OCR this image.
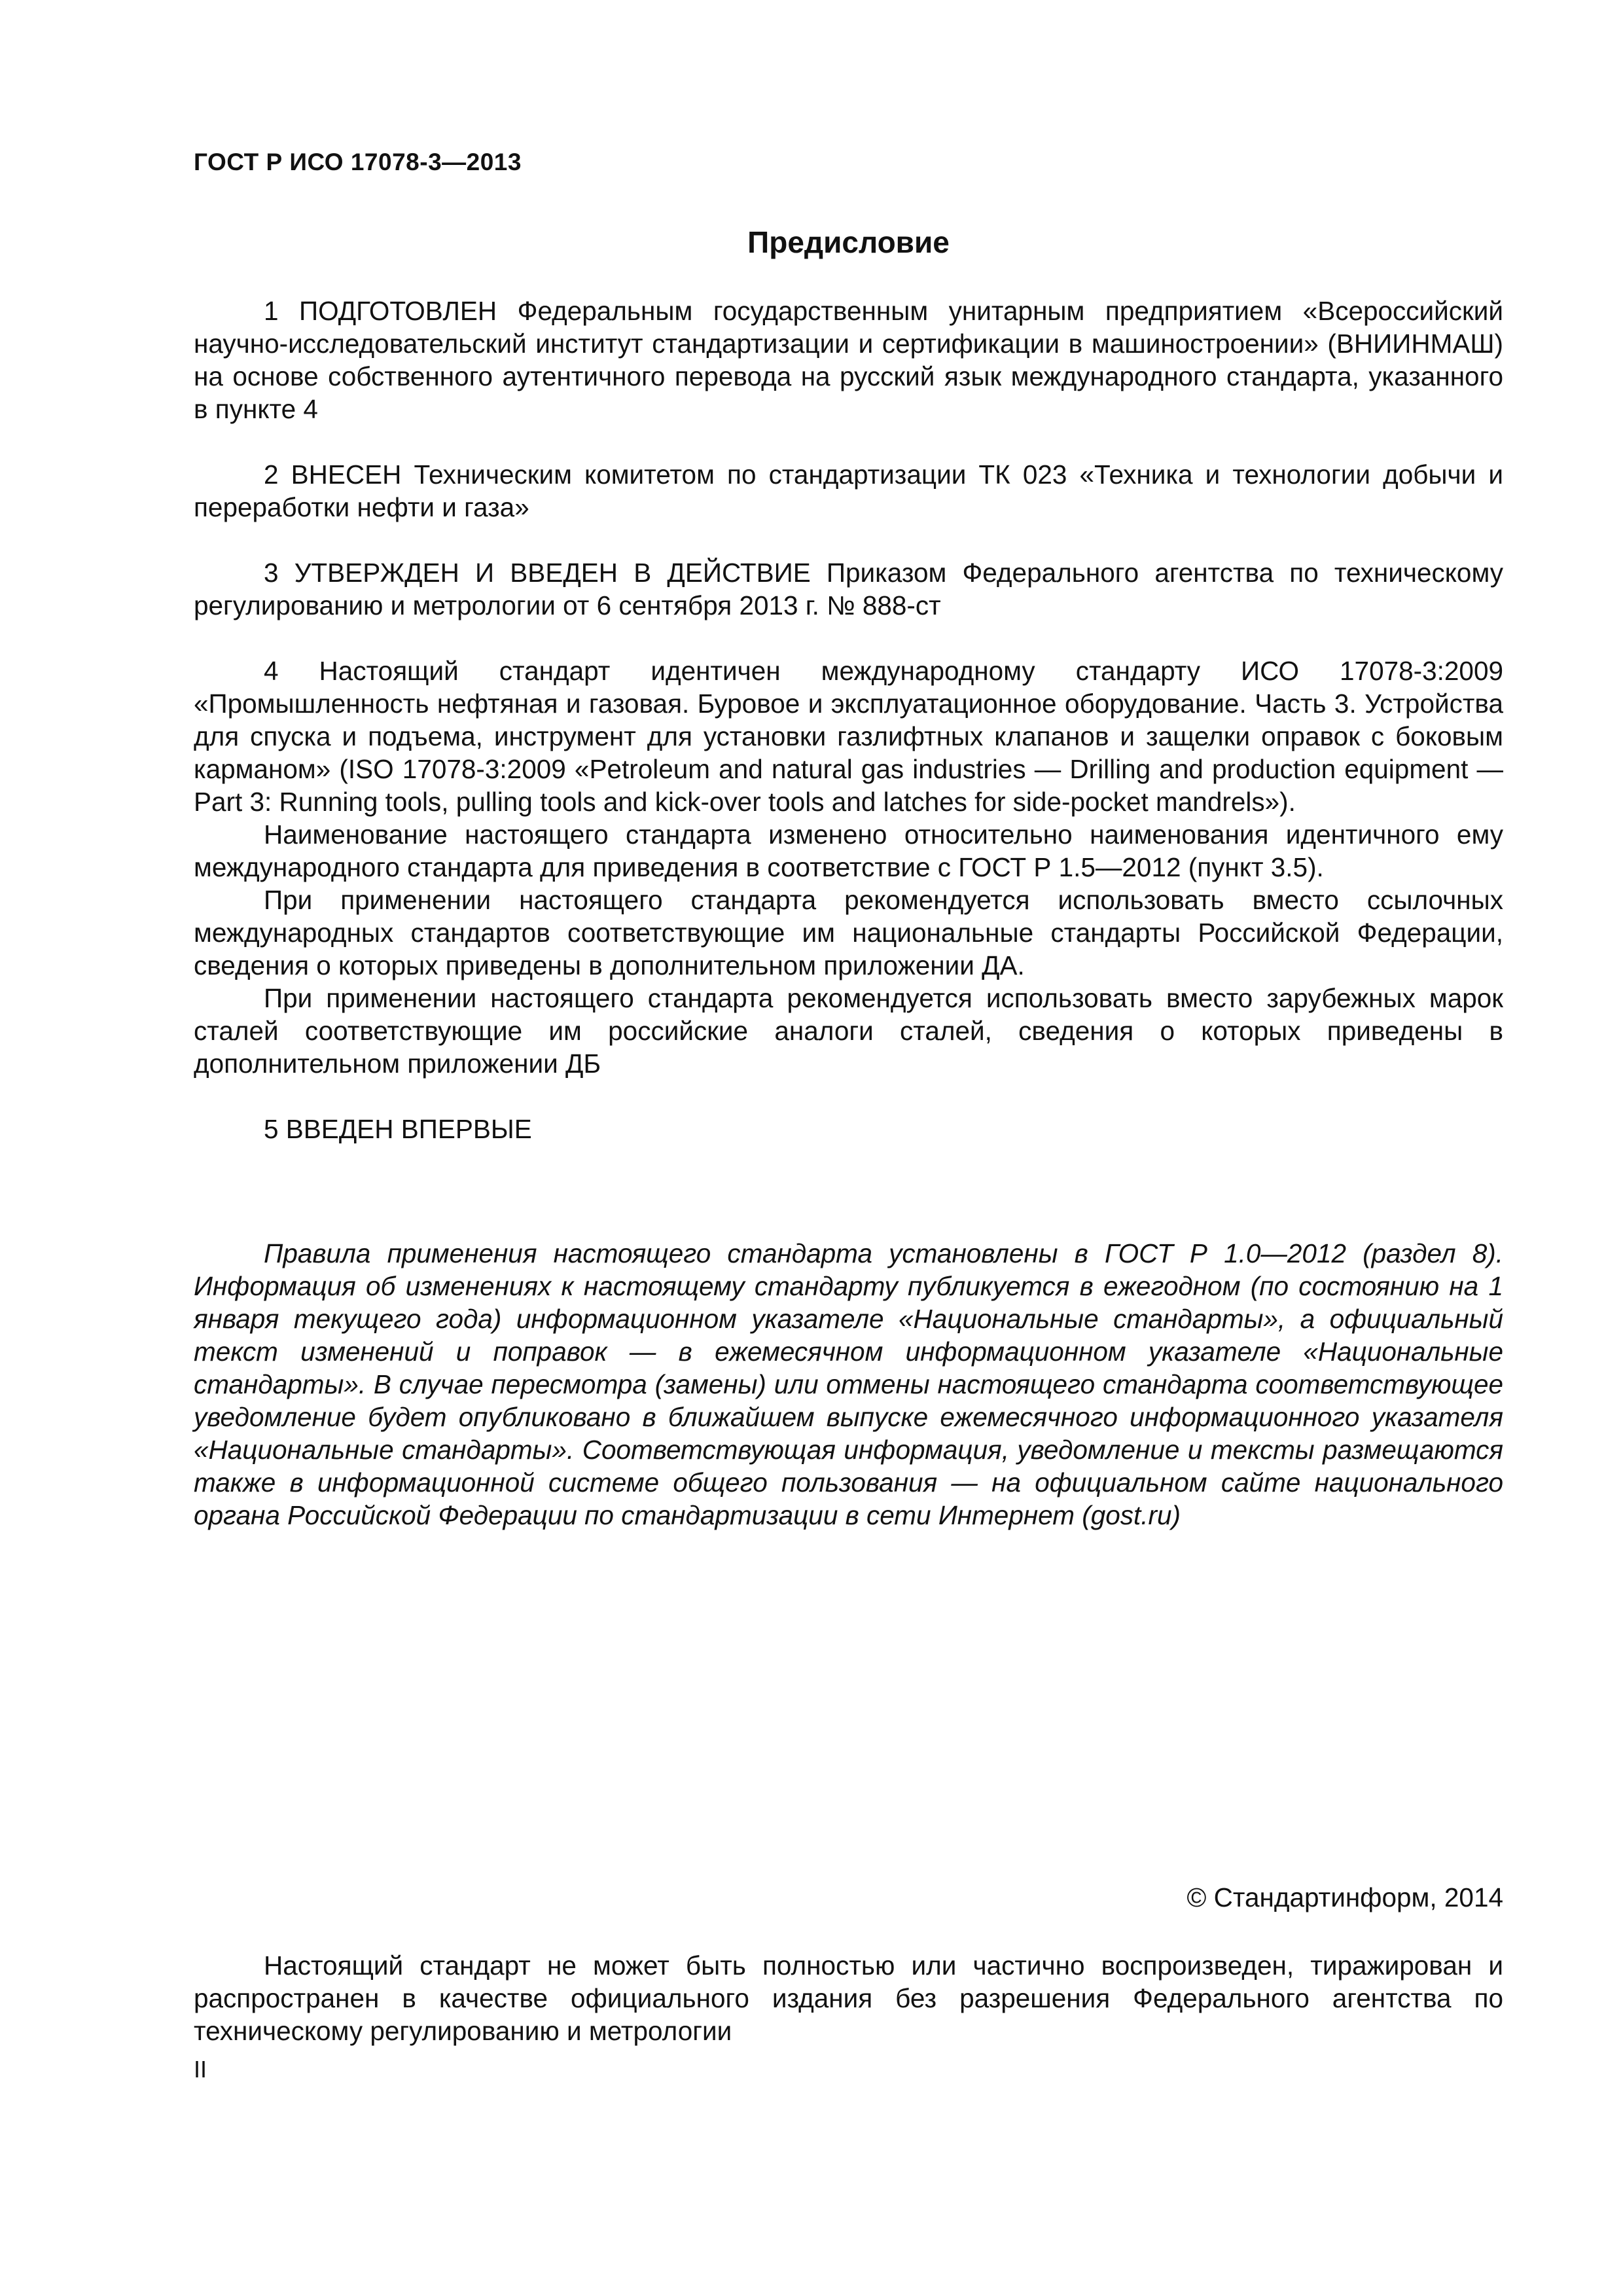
ГОСТ Р ИСО 17078-3—2013
Предисловие

1 ПОДГОТОВЛЕН Федеральным государственным унитарным предприятием «Всероссийский научно-исследовательский институт стандартизации и сертификации в машиностроении» (ВНИИНМАШ) на основе собственного аутентичного перевода на русский язык международного стандарта, указанного в пункте 4

2 ВНЕСЕН Техническим комитетом по стандартизации ТК 023 «Техника и технологии добычи и переработки нефти и газа»

3 УТВЕРЖДЕН И ВВЕДЕН В ДЕЙСТВИЕ Приказом Федерального агентства по техническому регулированию и метрологии от 6 сентября 2013 г. № 888-ст

4 Настоящий стандарт идентичен международному стандарту ИСО 17078-3:2009 «Промышленность нефтяная и газовая. Буровое и эксплуатационное оборудование. Часть 3. Устройства для спуска и подъема, инструмент для установки газлифтных клапанов и защелки оправок с боковым карманом» (ISO 17078-3:2009 «Petroleum and natural gas industries — Drilling and production equipment — Part 3: Running tools, pulling tools and kick-over tools and latches for side-pocket mandrels»).

Наименование настоящего стандарта изменено относительно наименования идентичного ему международного стандарта для приведения в соответствие с ГОСТ Р 1.5—2012 (пункт 3.5).

При применении настоящего стандарта рекомендуется использовать вместо ссылочных международных стандартов соответствующие им национальные стандарты Российской Федерации, сведения о которых приведены в дополнительном приложении ДА.

При применении настоящего стандарта рекомендуется использовать вместо зарубежных марок сталей соответствующие им российские аналоги сталей, сведения о которых приведены в дополнительном приложении ДБ

5 ВВЕДЕН ВПЕРВЫЕ

Правила применения настоящего стандарта установлены в ГОСТ Р 1.0—2012 (раздел 8). Информация об изменениях к настоящему стандарту публикуется в ежегодном (по состоянию на 1 января текущего года) информационном указателе «Национальные стандарты», а официальный текст изменений и поправок — в ежемесячном информационном указателе «Национальные стандарты». В случае пересмотра (замены) или отмены настоящего стандарта соответствующее уведомление будет опубликовано в ближайшем выпуске ежемесячного информационного указателя «Национальные стандарты». Соответствующая информация, уведомление и тексты размещаются также в информационной системе общего пользования — на официальном сайте национального органа Российской Федерации по стандартизации в сети Интернет (gost.ru)

© Стандартинформ, 2014

Настоящий стандарт не может быть полностью или частично воспроизведен, тиражирован и распространен в качестве официального издания без разрешения Федерального агентства по техническому регулированию и метрологии

II
